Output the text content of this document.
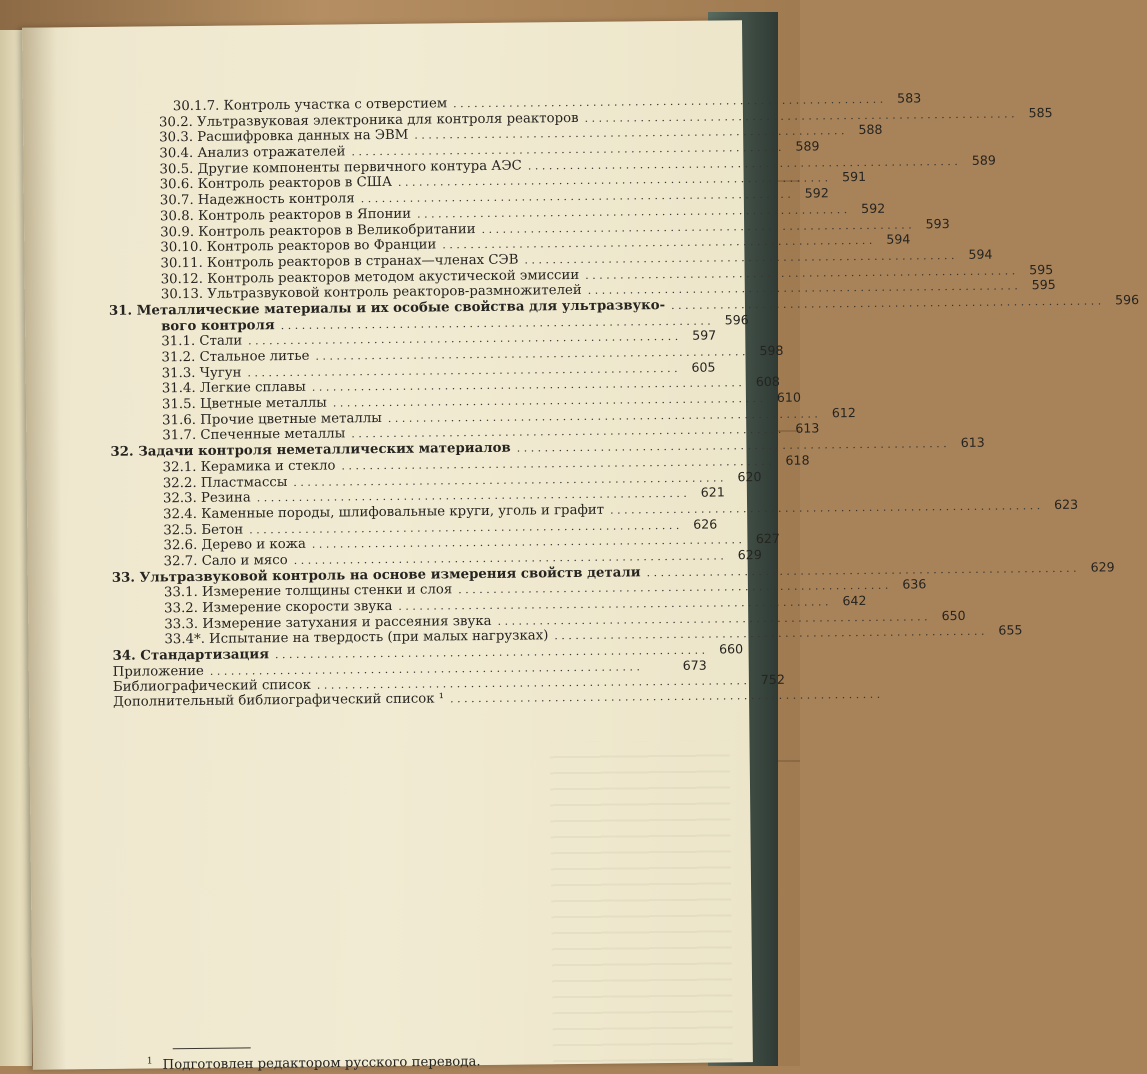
30.1.7. Контроль участка с отверстием . . .	583
30.2. Ультразвуковая электроника для контроля реакторов . . .	585
30.3. Расшифровка данных на ЭВМ . . .	588
30.4. Анализ отражателей . . .	589
30.5. Другие компоненты первичного контура АЭС . . .	589
30.6. Контроль реакторов в США . . .	591
30.7. Надежность контроля . . .	592
30.8. Контроль реакторов в Японии . . .	592
30.9. Контроль реакторов в Великобритании . . .	593
30.10. Контроль реакторов во Франции . . .	594
30.11. Контроль реакторов в странах—членах СЭВ . . .	594
30.12. Контроль реакторов методом акустической эмиссии . . .	595
30.13. Ультразвуковой контроль реакторов-размножителей . . .	595
31. Металлические материалы и их особые свойства для ультразвуко- . . .	596
вого контроля . . .	596
31.1. Стали . . .	597
31.2. Стальное литье . . .	598
31.3. Чугун . . .	605
31.4. Легкие сплавы . . .	608
31.5. Цветные металлы . . .	610
31.6. Прочие цветные металлы . . .	612
31.7. Спеченные металлы . . .	613
32. Задачи контроля неметаллических материалов . . .	613
32.1. Керамика и стекло . . .	618
32.2. Пластмассы . . .	620
32.3. Резина . . .	621
32.4. Каменные породы, шлифовальные круги, уголь и графит . . .	623
32.5. Бетон . . .	626
32.6. Дерево и кожа . . .	627
32.7. Сало и мясо . . .	629
33. Ультразвуковой контроль на основе измерения свойств детали . . .	629
33.1. Измерение толщины стенки и слоя . . .	636
33.2. Измерение скорости звука . . .	642
33.3. Измерение затухания и рассеяния звука . . .	650
33.4*. Испытание на твердость (при малых нагрузках) . . .	655
34. Стандартизация . . .	660
Приложение . . .	673
Библиографический список . . .	752
Дополнительный библиографический список ¹
. . .
$^1$ Подготовлен редактором русского перевода.
